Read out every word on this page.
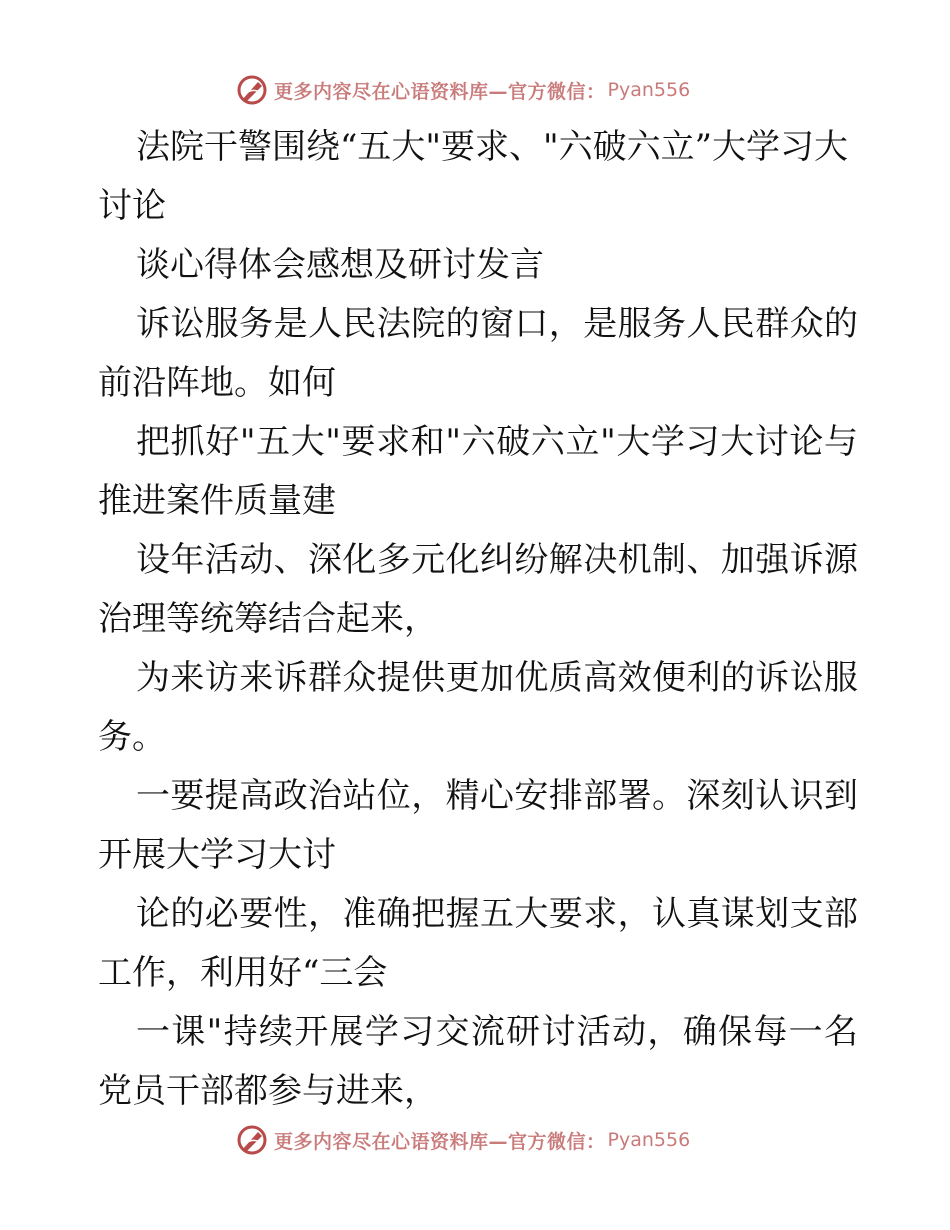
更多内容尽在心语资料库—官方微信： Pyan556

法院干警围绕“五大"要求、"六破六立”大学习大讨论

谈心得体会感想及研讨发言

诉讼服务是人民法院的窗口，是服务人民群众的前沿阵地。如何

把抓好"五大"要求和"六破六立"大学习大讨论与推进案件质量建

设年活动、深化多元化纠纷解决机制、加强诉源治理等统筹结合起来，

为来访来诉群众提供更加优质高效便利的诉讼服务。

一要提高政治站位，精心安排部署。深刻认识到开展大学习大讨

论的必要性，准确把握五大要求，认真谋划支部工作，利用好“三会

一课"持续开展学习交流研讨活动，确保每一名党员干部都参与进来，

更多内容尽在心语资料库—官方微信： Pyan556
